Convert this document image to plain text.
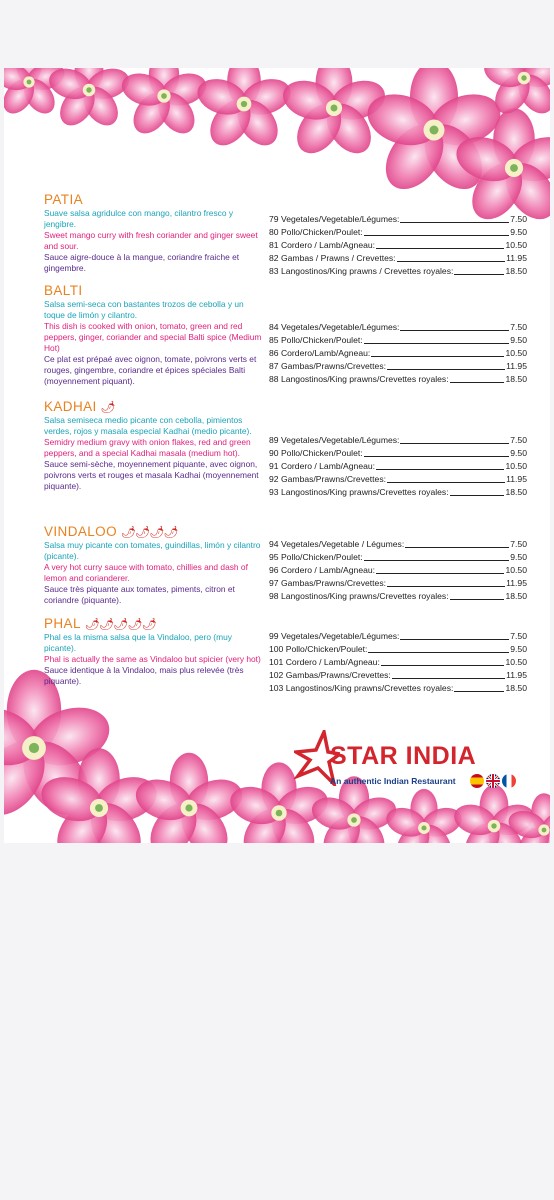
PATIA
Suave salsa agridulce con mango, cilantro fresco y jengibre.
Sweet mango curry with fresh coriander and ginger sweet and sour.
Sauce aigre-douce à la mangue, coriandre fraiche et gingembre.
BALTI
Salsa semi-seca con bastantes trozos de cebolla y un toque de limón y cilantro.
This dish is cooked with onion, tomato, green and red peppers, ginger, coriander and special Balti spice (Medium Hot)
Ce plat est prépaé avec oignon, tomate, poivrons verts et rouges, gingembre, coriandre et épices spéciales Balti (moyennement piquant).
KADHAI 🌶
Salsa semiseca medio picante con cebolla, pimientos verdes, rojos y masala especial Kadhai (medio picante).
Semidry medium gravy with onion flakes, red and green peppers, and a special Kadhai masala (medium hot).
Sauce semi-sèche, moyennement piquante, avec oignon, poivrons verts et rouges et masala Kadhai (moyennement piquante).
VINDALOO 🌶🌶🌶🌶
Salsa muy picante con tomates, guindillas, limón y cilantro (picante).
A very hot curry sauce with tomato, chillies and dash of lemon and corianderer.
Sauce très piquante aux tomates, piments, citron et coriandre (piquante).
PHAL 🌶🌶🌶🌶🌶
Phal es la misma salsa que la Vindaloo, pero (muy picante).
Phal is actually the same as Vindaloo but spicier (very hot)
Sauce identique à la Vindaloo, mais plus relevée (très piquante).
79 Vegetales/Vegetable/Légumes:	7.50
80 Pollo/Chicken/Poulet:	9.50
81 Cordero / Lamb/Agneau:	10.50
82 Gambas / Prawns / Crevettes:	11.95
83 Langostinos/King prawns / Crevettes royales:	18.50
84 Vegetales/Vegetable/Légumes:	7.50
85 Pollo/Chicken/Poulet:	9.50
86 Cordero/Lamb/Agneau:	10.50
87 Gambas/Prawns/Crevettes:	11.95
88 Langostinos/King prawns/Crevettes royales:	18.50
89 Vegetales/Vegetable/Légumes:	7.50
90 Pollo/Chicken/Poulet:	9.50
91 Cordero / Lamb/Agneau:	10.50
92 Gambas/Prawns/Crevettes:	11.95
93 Langostinos/King prawns/Crevettes royales:	18.50
94 Vegetales/Vegetable / Légumes:	7.50
95 Pollo/Chicken/Poulet:	9.50
96 Cordero / Lamb/Agneau:	10.50
97 Gambas/Prawns/Crevettes:	11.95
98 Langostinos/King prawns/Crevettes royales:	18.50
99 Vegetales/Vegetable/Légumes:	7.50
100 Pollo/Chicken/Poulet:	9.50
101 Cordero / Lamb/Agneau:	10.50
102 Gambas/Prawns/Crevettes:	11.95
103 Langostinos/King prawns/Crevettes royales:	18.50
STAR INDIA
An authentic Indian Restaurant
